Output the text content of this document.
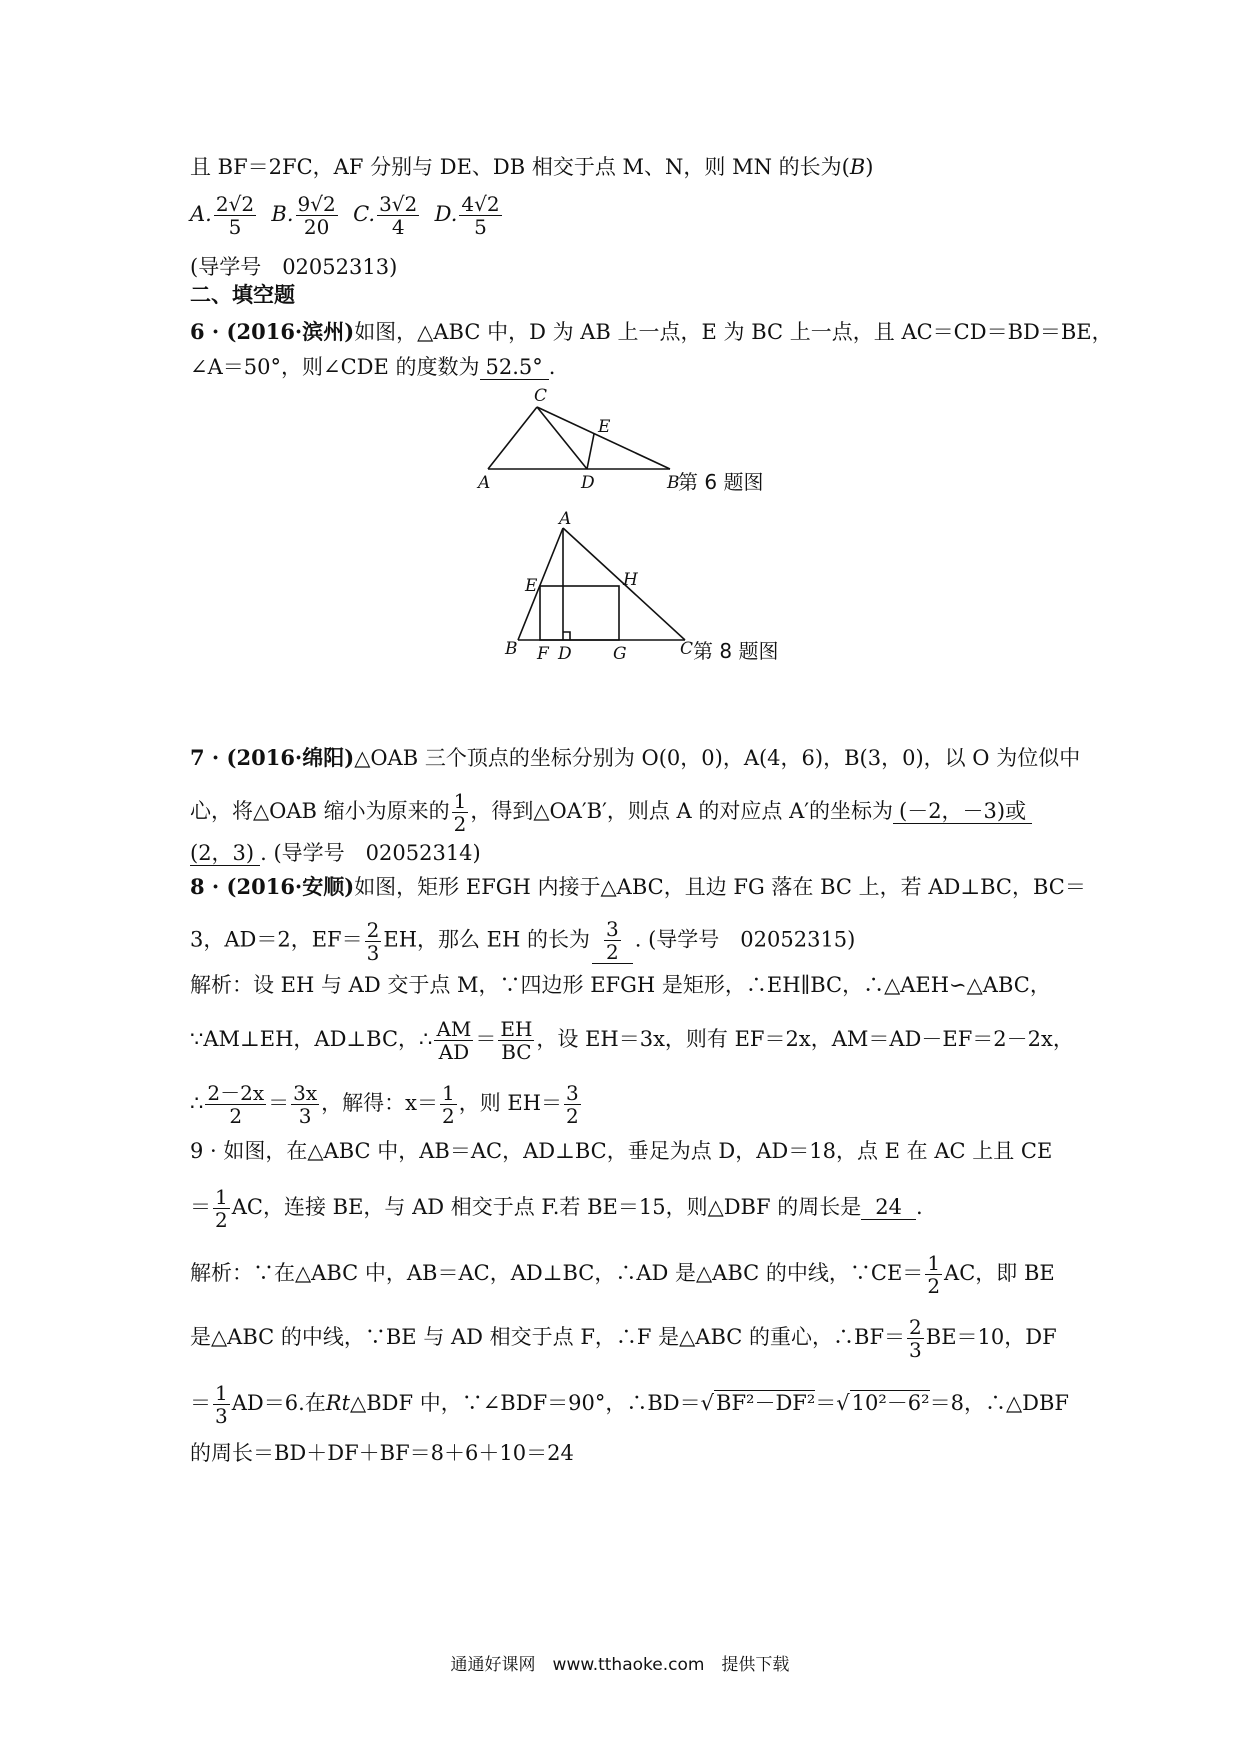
且 BF＝2FC，AF 分别与 DE、DB 相交于点 M、N，则 MN 的长为(B)
A. $\frac{2√2}{5} B$. $\frac{9√2}{20} C$. $\frac{3√2}{4} D$. $\frac{4√2}{5}$
(导学号　02052313)
二、填空题
6 · (2016·滨州)如图，△ABC 中，D 为 AB 上一点，E 为 BC 上一点，且 AC＝CD＝BD＝BE，
∠A＝50°，则∠CDE 的度数为 52.5° .
C
E
A	D	B
第 6 题图
A
E	H
B F D G	C 第 8 题图
7 · (2016·绵阳)△OAB 三个顶点的坐标分别为 O(0，0)，A(4，6)，B(3，0)，以 O 为位似中
心，将△OAB 缩小为原来的 $\frac{1}{2}$ ，得到△OA′B′，则点 A 的对应点 A′的坐标为 (－2，－3)或
(2，3) . (导学号　02052314)
8 · (2016·安顺)如图，矩形 EFGH 内接于△ABC，且边 FG 落在 BC 上，若 AD⊥BC，BC＝
3，AD＝2，$EF= \frac{2}{3}$ EH，那么 EH 的长为 $\frac{3}{2}$ . (导学号　02052315)
解析：设 EH 与 AD 交于点 M，∵四边形 EFGH 是矩形，∴EH∥BC，∴△AEH∽△ABC，
∵AM⊥EH，AD⊥BC，∴ $\frac{AM}{AD} = \frac{EH}{BC}$ ，设 EH＝3x，则有 EF＝2x，AM＝AD－EF＝2－2x，
∴ $\frac{2-2x}{2} = \frac{3x}{3}$ ，解得：$x= \frac{1}{2}$ ，则 $EH= \frac{3}{2}$
9 · 如图，在△ABC 中，AB＝AC，AD⊥BC，垂足为点 D，AD＝18，点 E 在 AC 上且 CE
＝ $\frac{1}{2}$ AC，连接 BE，与 AD 相交于点 F.若 BE＝15，则△DBF 的周长是 24 .
解析：∵在△ABC 中，AB＝AC，AD⊥BC，∴AD 是△ABC 的中线，∵CE＝ $\frac{1}{2}$ AC，即 BE
是△ABC 的中线，∵BE 与 AD 相交于点 F，∴F 是△ABC 的重心，∴BF＝ $\frac{2}{3} BE=10$，DF
＝ $\frac{1}{3} AD=6$.在Rt△BDF 中，∵∠BDF＝90°，∴BD＝√BF²－DF²＝√10²－6²＝8，∴△DBF
的周长＝BD＋DF＋BF＝8＋6＋10＝24
通通好课网　www.tthaoke.com　提供下载
